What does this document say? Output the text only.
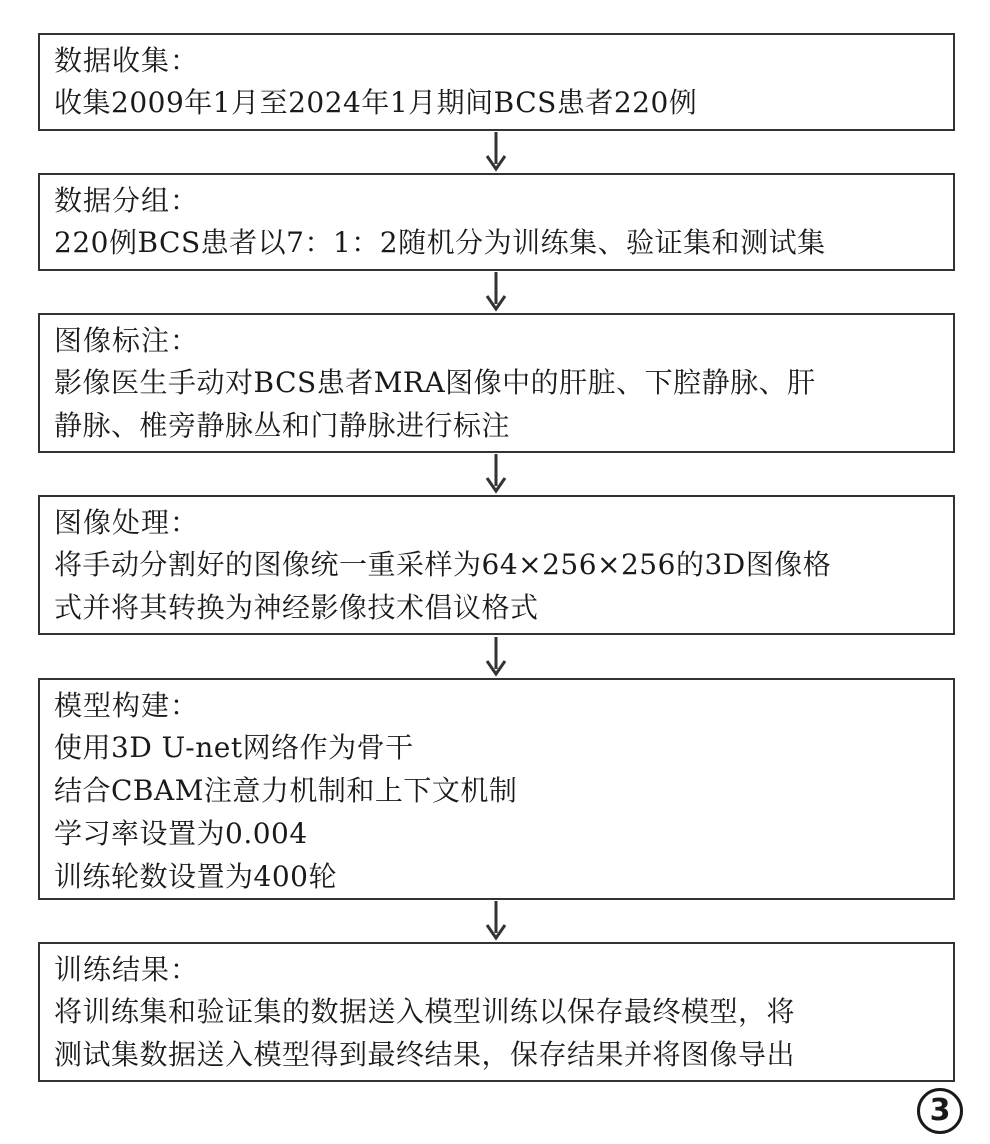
数据收集：
收集2009年1月至2024年1月期间BCS患者220例
数据分组：
220例BCS患者以7：1：2随机分为训练集、验证集和测试集
图像标注：
影像医生手动对BCS患者MRA图像中的肝脏、下腔静脉、肝
静脉、椎旁静脉丛和门静脉进行标注
图像处理：
将手动分割好的图像统一重采样为64×256×256的3D图像格
式并将其转换为神经影像技术倡议格式
模型构建：
使用3D U-net网络作为骨干
结合CBAM注意力机制和上下文机制
学习率设置为0.004
训练轮数设置为400轮
训练结果：
将训练集和验证集的数据送入模型训练以保存最终模型，将
测试集数据送入模型得到最终结果，保存结果并将图像导出
3
